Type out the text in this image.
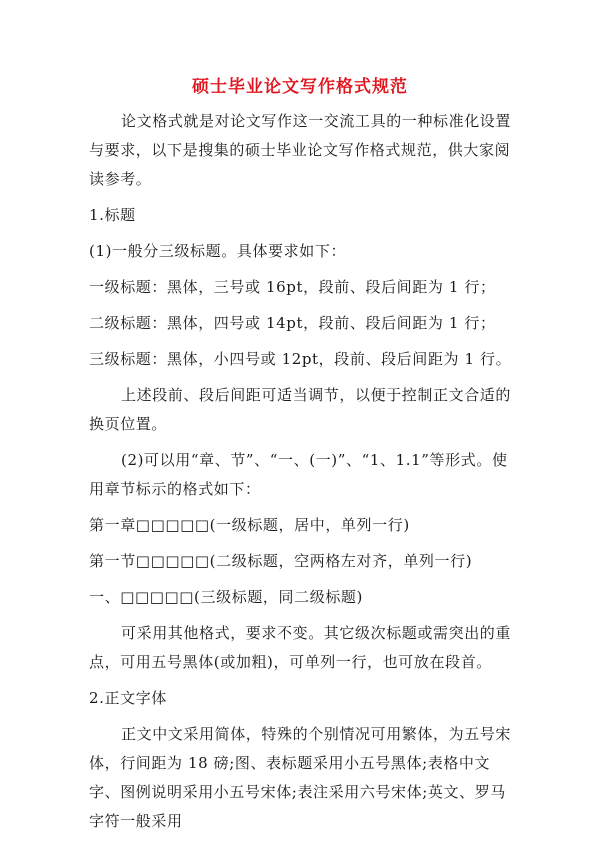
硕士毕业论文写作格式规范

论文格式就是对论文写作这一交流工具的一种标准化设置与要求，以下是搜集的硕士毕业论文写作格式规范，供大家阅读参考。

1.标题

(1)一般分三级标题。具体要求如下：

一级标题：黑体，三号或 16pt，段前、段后间距为 1 行；

二级标题：黑体，四号或 14pt，段前、段后间距为 1 行；

三级标题：黑体，小四号或 12pt，段前、段后间距为 1 行。

上述段前、段后间距可适当调节，以便于控制正文合适的换页位置。

(2)可以用“章、节”、“一、(一)”、“1、1.1”等形式。使用章节标示的格式如下：

第一章□□□□□(一级标题，居中，单列一行)

第一节□□□□□(二级标题，空两格左对齐，单列一行)

一、□□□□□(三级标题，同二级标题)

可采用其他格式，要求不变。其它级次标题或需突出的重点，可用五号黑体(或加粗)，可单列一行，也可放在段首。

2.正文字体

正文中文采用简体，特殊的个别情况可用繁体，为五号宋体，行间距为 18 磅;图、表标题采用小五号黑体;表格中文字、图例说明采用小五号宋体;表注采用六号宋体;英文、罗马字符一般采用
